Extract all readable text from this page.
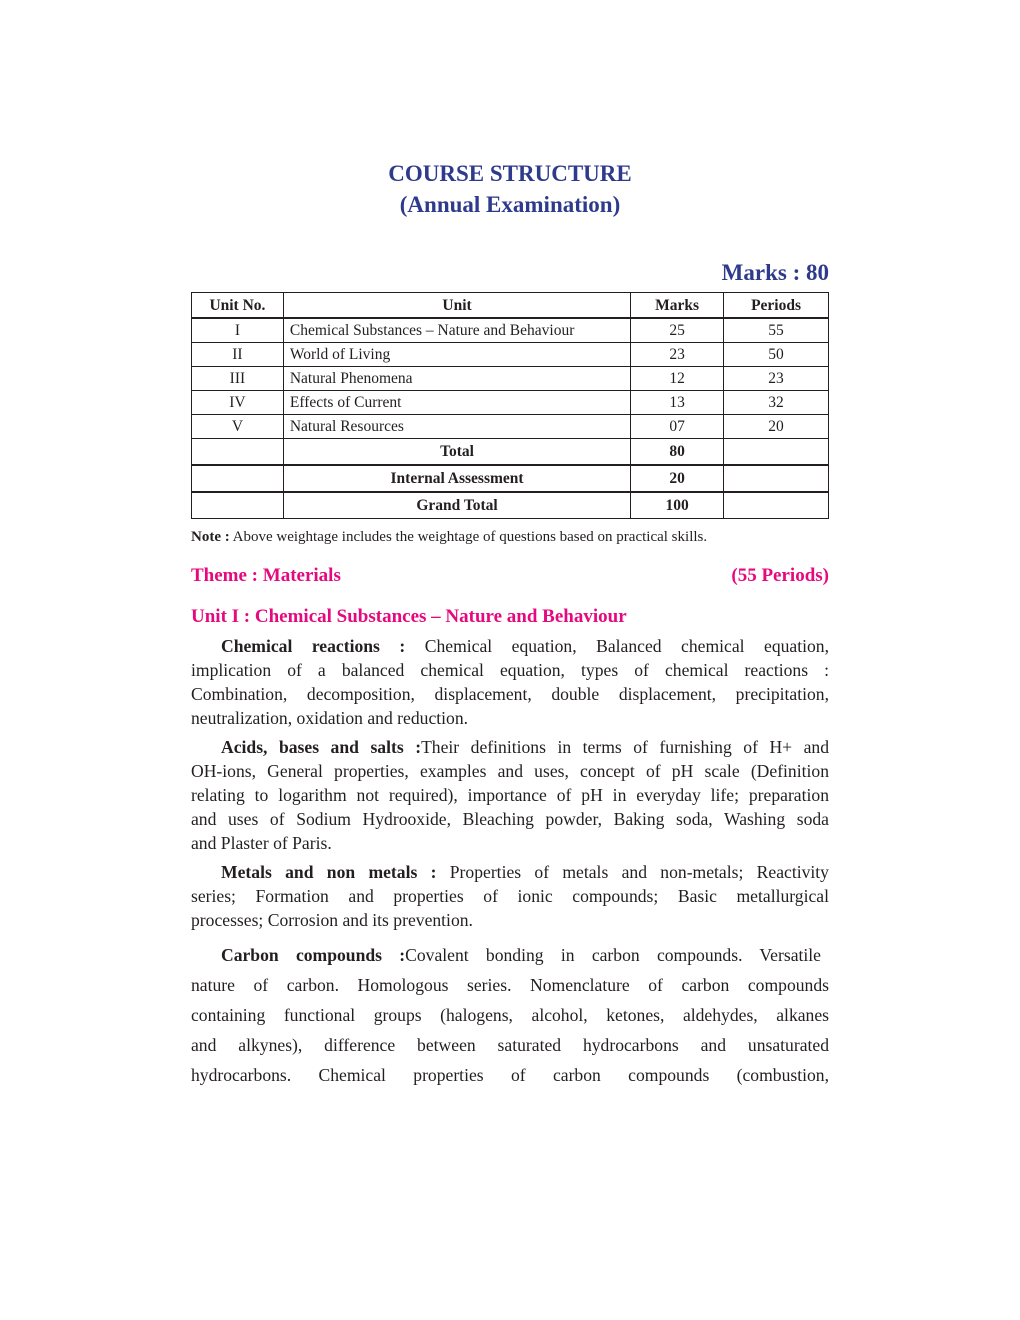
COURSE STRUCTURE
(Annual Examination)
Marks : 80
Unit No.	Unit	Marks	Periods
I	Chemical Substances – Nature and Behaviour	25	55
II	World of Living	23	50
III	Natural Phenomena	12	23
IV	Effects of Current	13	32
V	Natural Resources	07	20
	Total	80	
	Internal Assessment	20	
	Grand Total	100	
Note : Above weightage includes the weightage of questions based on practical skills.
Theme : Materials	(55 Periods)
Unit I : Chemical Substances – Nature and Behaviour
Chemical reactions : Chemical equation, Balanced chemical equation,
implication of a balanced chemical equation, types of chemical reactions :
Combination, decomposition, displacement, double displacement, precipitation,
neutralization, oxidation and reduction.
Acids, bases and salts :Their definitions in terms of furnishing of H+ and
OH-ions, General properties, examples and uses, concept of pH scale (Definition
relating to logarithm not required), importance of pH in everyday life; preparation
and uses of Sodium Hydrooxide, Bleaching powder, Baking soda, Washing soda
and Plaster of Paris.
Metals and non metals : Properties of metals and non-metals; Reactivity
series; Formation and properties of ionic compounds; Basic metallurgical
processes; Corrosion and its prevention.
Carbon compounds :Covalent bonding in carbon compounds. Versatile
nature of carbon. Homologous series. Nomenclature of carbon compounds
containing functional groups (halogens, alcohol, ketones, aldehydes, alkanes
and alkynes), difference between saturated hydrocarbons and unsaturated
hydrocarbons. Chemical properties of carbon compounds (combustion,
